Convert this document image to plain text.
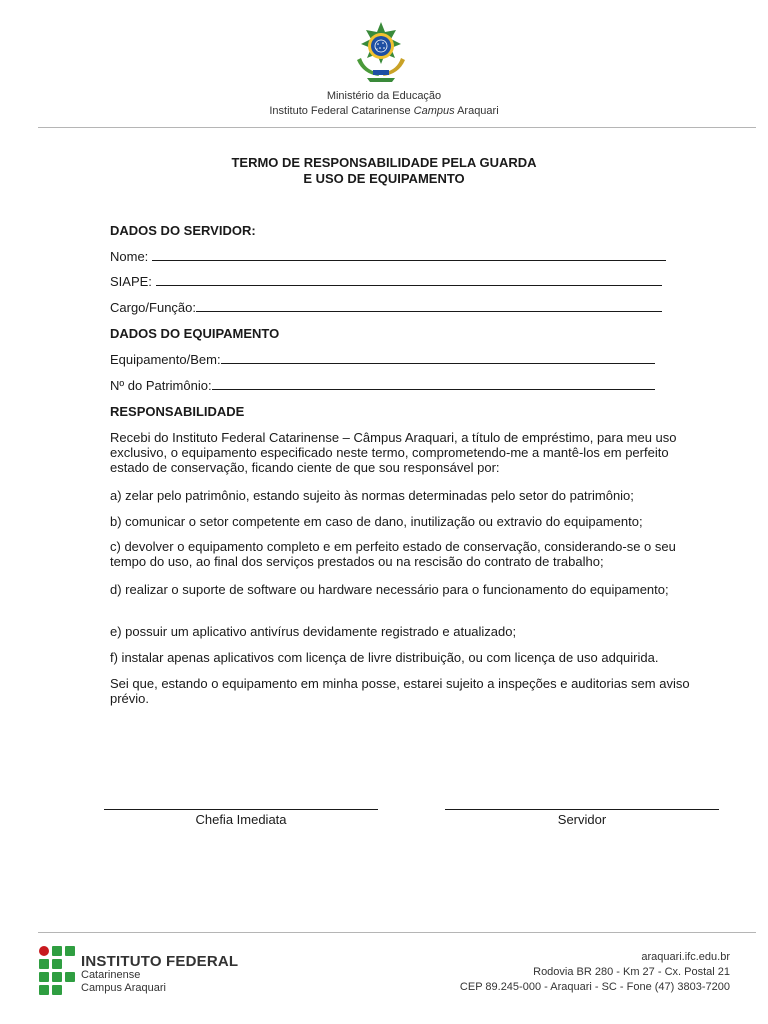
Ministério da Educação
Instituto Federal Catarinense Campus Araquari
TERMO DE RESPONSABILIDADE PELA GUARDA
E USO DE EQUIPAMENTO
DADOS DO SERVIDOR:
Nome:
SIAPE:
Cargo/Função:
DADOS DO EQUIPAMENTO
Equipamento/Bem:
Nº do Patrimônio:
RESPONSABILIDADE
Recebi do Instituto Federal Catarinense – Câmpus Araquari, a título de empréstimo, para meu uso exclusivo, o equipamento especificado neste termo, comprometendo-me a mantê-los em perfeito estado de conservação, ficando ciente de que sou responsável por:
a) zelar pelo patrimônio, estando sujeito às normas determinadas pelo setor do patrimônio;
b) comunicar o setor competente em caso de dano, inutilização ou extravio do equipamento;
c) devolver o equipamento completo e em perfeito estado de conservação, considerando-se o seu tempo do uso, ao final dos serviços prestados ou na rescisão do contrato de trabalho;
d) realizar o suporte de software ou hardware necessário para o funcionamento do equipamento;
e) possuir um aplicativo antivírus devidamente registrado e atualizado;
f) instalar apenas aplicativos com licença de livre distribuição, ou com licença de uso adquirida.
Sei que, estando o equipamento em minha posse, estarei sujeito a inspeções e auditorias sem aviso prévio.
Chefia Imediata	Servidor
INSTITUTO FEDERAL
Catarinense
Campus Araquari
araquari.ifc.edu.br
Rodovia BR 280 - Km 27 - Cx. Postal 21
CEP 89.245-000 - Araquari - SC - Fone (47) 3803-7200
